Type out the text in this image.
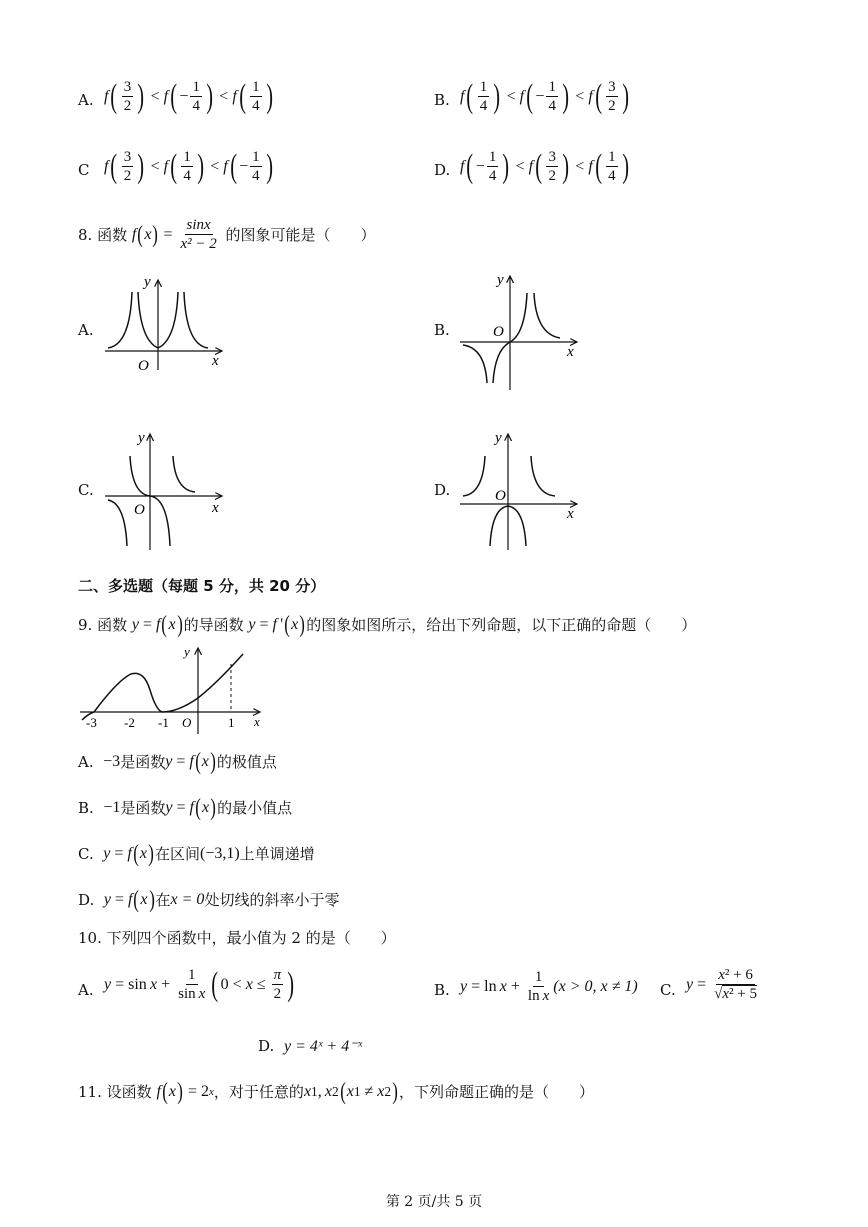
A. f ( $\frac{3}{2}$ ) < f ( − $\frac{1}{4}$ ) < f ( $\frac{1}{4}$ )	B. f ( $\frac{1}{4}$ ) < f ( − $\frac{1}{4}$ ) < f ( $\frac{3}{2}$ )
C f ( $\frac{3}{2}$ ) < f ( $\frac{1}{4}$ ) < f ( − $\frac{1}{4}$ )	D. f ( − $\frac{1}{4}$ ) < f ( $\frac{3}{2}$ ) < f ( $\frac{1}{4}$ )
8.
函数
f ( x ) = $\frac{\sin x}{\text{x² − 2}}$
的图象可能是（　　）
A.	B.
C.	D.
x
y
O
x
y
O
x
y
O	x
y
O
二、多选题（每题 5 分，共 20 分）
9.
函数
y = f ( x ) 的导函数
y = f  ' ( x ) 的图象如图所示，给出下列命题，以下正确的命题（　　）
-3 -2 -1 O	1 x
y
A.
−3 是函数 y = f ( x ) 的极值点
B.
−1 是函数 y = f ( x ) 的最小值点
C.
y = f ( x ) 在区间 (−3,1) 上单调递增
D.
y = f ( x ) 在 x = 0 处切线的斜率小于零
10. 下列四个函数中，最小值为 2 的是（　　）
A. $y = \sin x + \frac{1}{\text{sin x}}$ ( $0 < x \le \frac{\pi}{2}$ )	B. $y = \ln x + \frac{1}{\text{ln x}} (x > 0$, x ≠ 1) C. $y = \frac{\text{x² + 6}}{\text{√x² + 5}}$
D. y = 4ˣ + 4⁻ˣ
11.
设函数
f ( x ) = 2 x ，对于任意的 x 1 ,  x 2 ( x 1 ≠ x 2 ) ，下列命题正确的是（　　）
第 2 页/共 5 页
